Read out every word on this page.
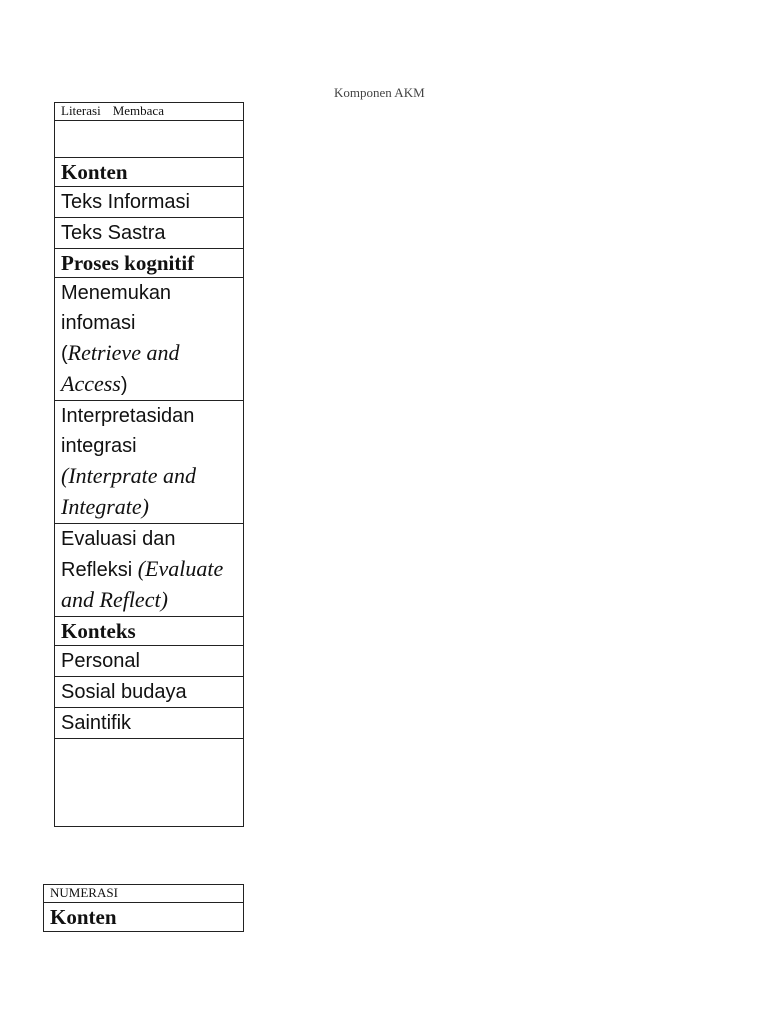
Komponen AKM
Literasi Membaca

Konten
Teks Informasi
Teks Sastra
Proses kognitif
Menemukan infomasi
(Retrieve and Access)
Interpretasidan integrasi
(Interprate and Integrate)
Evaluasi dan Refleksi (Evaluate and Reflect)
Konteks
Personal
Sosial budaya
Saintifik

NUMERASI
Konten
